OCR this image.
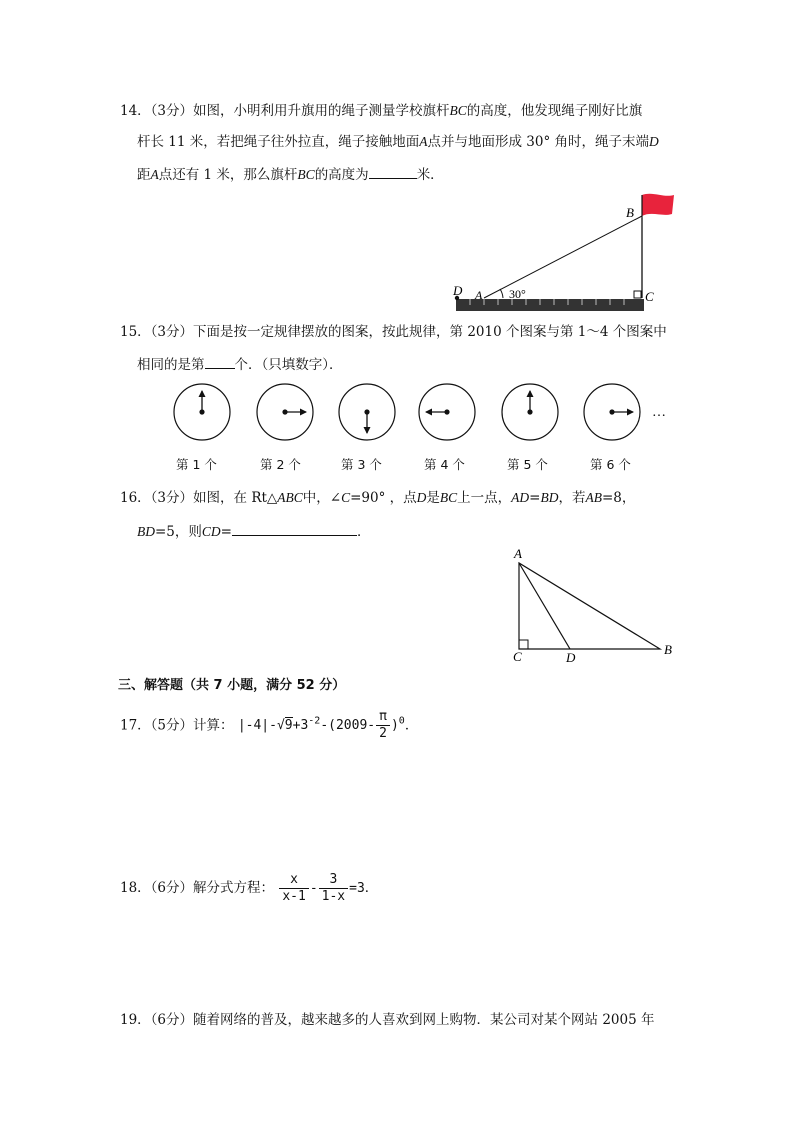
14．（3分）如图，小明利用升旗用的绳子测量学校旗杆BC的高度，他发现绳子刚好比旗
杆长 11 米，若把绳子往外拉直，绳子接触地面A点并与地面形成 30° 角时，绳子末端D
距A点还有 1 米，那么旗杆BC的高度为	米．
B
C
D A 30°
15．（3分）下面是按一定规律摆放的图案，按此规律，第 2010 个图案与第 1～4 个图案中
相同的是第 个．（只填数字）．
…
第 1 个	第 2 个	第 3 个	第 4 个	第 5 个	第 6 个
16．（3分）如图，在 Rt△ABC中，∠C=90° ，点D是BC上一点，AD=BD，若AB=8，
BD=5，则CD=	．
A
B
C	D
三、解答题（共 7 小题，满分 52 分）
17．（5分）计算： $|-4|-√9+3^{-2}-(2009- \frac{\pi}{2} )^0$．
18．（6分）解分式方程： $\frac{x}{x-1} - \frac{3}{1-x} =3$．
19．（6分）随着网络的普及，越来越多的人喜欢到网上购物．某公司对某个网站 2005 年
